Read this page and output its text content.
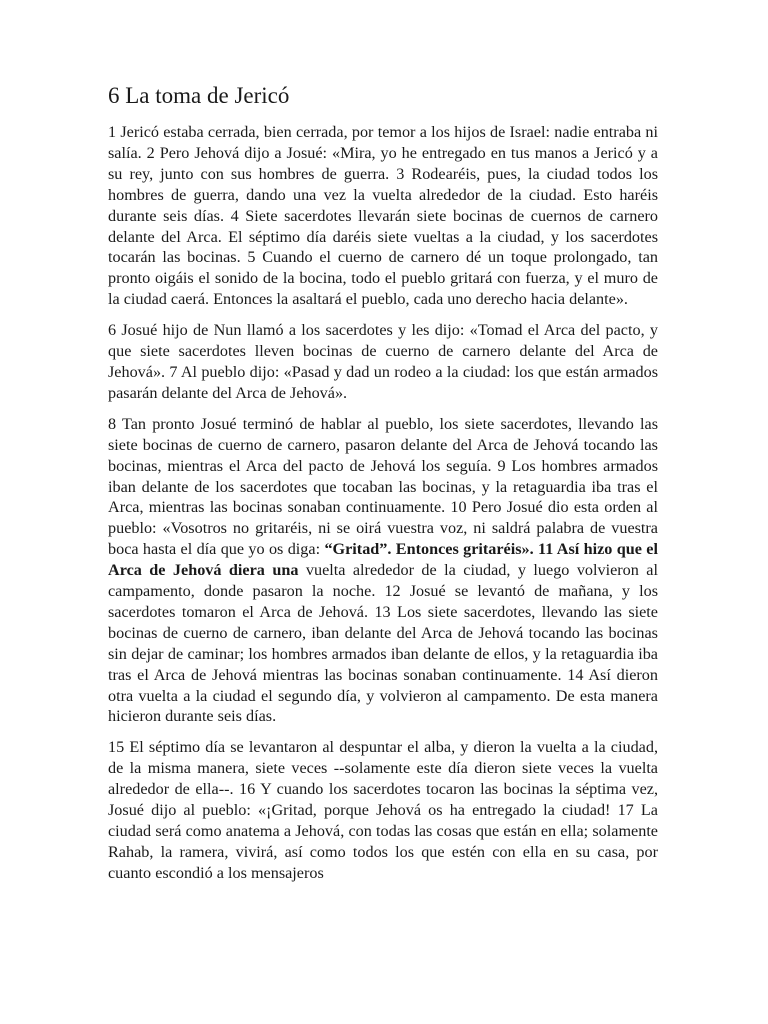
6 La toma de Jericó

1 Jericó estaba cerrada, bien cerrada, por temor a los hijos de Israel: nadie entraba ni salía. 2 Pero Jehová dijo a Josué: «Mira, yo he entregado en tus manos a Jericó y a su rey, junto con sus hombres de guerra. 3 Rodearéis, pues, la ciudad todos los hombres de guerra, dando una vez la vuelta alrededor de la ciudad. Esto haréis durante seis días. 4 Siete sacerdotes llevarán siete bocinas de cuernos de carnero delante del Arca. El séptimo día daréis siete vueltas a la ciudad, y los sacerdotes tocarán las bocinas. 5 Cuando el cuerno de carnero dé un toque prolongado, tan pronto oigáis el sonido de la bocina, todo el pueblo gritará con fuerza, y el muro de la ciudad caerá. Entonces la asaltará el pueblo, cada uno derecho hacia delante».

6 Josué hijo de Nun llamó a los sacerdotes y les dijo: «Tomad el Arca del pacto, y que siete sacerdotes lleven bocinas de cuerno de carnero delante del Arca de Jehová». 7 Al pueblo dijo: «Pasad y dad un rodeo a la ciudad: los que están armados pasarán delante del Arca de Jehová».

8 Tan pronto Josué terminó de hablar al pueblo, los siete sacerdotes, llevando las siete bocinas de cuerno de carnero, pasaron delante del Arca de Jehová tocando las bocinas, mientras el Arca del pacto de Jehová los seguía. 9 Los hombres armados iban delante de los sacerdotes que tocaban las bocinas, y la retaguardia iba tras el Arca, mientras las bocinas sonaban continuamente. 10 Pero Josué dio esta orden al pueblo: «Vosotros no gritaréis, ni se oirá vuestra voz, ni saldrá palabra de vuestra boca hasta el día que yo os diga: “Gritad”. Entonces gritaréis». 11 Así hizo que el Arca de Jehová diera una vuelta alrededor de la ciudad, y luego volvieron al campamento, donde pasaron la noche. 12 Josué se levantó de mañana, y los sacerdotes tomaron el Arca de Jehová. 13 Los siete sacerdotes, llevando las siete bocinas de cuerno de carnero, iban delante del Arca de Jehová tocando las bocinas sin dejar de caminar; los hombres armados iban delante de ellos, y la retaguardia iba tras el Arca de Jehová mientras las bocinas sonaban continuamente. 14 Así dieron otra vuelta a la ciudad el segundo día, y volvieron al campamento. De esta manera hicieron durante seis días.

15 El séptimo día se levantaron al despuntar el alba, y dieron la vuelta a la ciudad, de la misma manera, siete veces --solamente este día dieron siete veces la vuelta alrededor de ella--. 16 Y cuando los sacerdotes tocaron las bocinas la séptima vez, Josué dijo al pueblo: «¡Gritad, porque Jehová os ha entregado la ciudad! 17 La ciudad será como anatema a Jehová, con todas las cosas que están en ella; solamente Rahab, la ramera, vivirá, así como todos los que estén con ella en su casa, por cuanto escondió a los mensajeros
